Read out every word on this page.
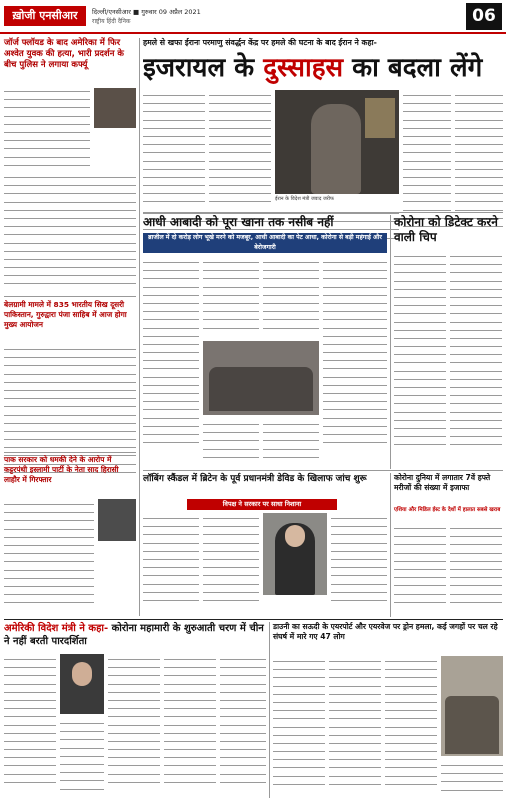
ख़ोजी एनसीआर	दिल्ली/एनसीआर ■ गुरुवार 09 अप्रैल 2021
राष्ट्रीय हिंदी दैनिक	06
जॉर्ज फ्लॉयड के बाद अमेरिका में फिर अश्वेत युवक की हत्या, भारी प्रदर्शन के बीच पुलिस ने लगाया कर्फ्यू
बेलग्रामी मामले में 835 भारतीय सिख दूसरी पाकिस्तान, गुरुद्वारा पंजा साहिब में आज होगा मुख्य आयोजन
पाक सरकार को धमकी देने के आरोप में कट्टरपंथी इस्लामी पार्टी के नेता साद हिरासी लाहौर में गिरफ्तार
हमले से खफा ईरानः परमाणु संवर्द्धन केंद्र पर हमले की घटना के बाद ईरान ने कहा-
इजरायल के दुस्साहस का बदला लेंगे
ईरान के विदेश मंत्री जवाद जरीफ
आधी आबादी को पूरा खाना तक नसीब नहीं
ब्राजील में दो करोड़ लोग भूखे मरने को मजबूर, आधी आबादी का पेट आधा, कोरोना से बड़ी महंगाई और बेरोजगारी
कोरोना को डिटेक्ट करने वाली चिप
लॉबिंग स्कैंडल में ब्रिटेन के पूर्व प्रधानमंत्री डेविड के खिलाफ जांच शुरू
विपक्ष ने सरकार पर साधा निशाना
कोरोना दुनिया में लगातार 7वें हफ्ते मरीजों की संख्या में इजाफा
एशिया और मिडिल ईस्ट के देशों में हालात सबसे खराब
अमेरिकी विदेश मंत्री ने कहा- कोरोना महामारी के शुरुआती चरण में चीन ने नहीं बरती पारदर्शिता
डाउनी का सऊदी के एयरपोर्ट और एयरवेज पर ड्रोन हमला, कई जगहों पर चल रहे संघर्ष में मारे गए 47 लोग
